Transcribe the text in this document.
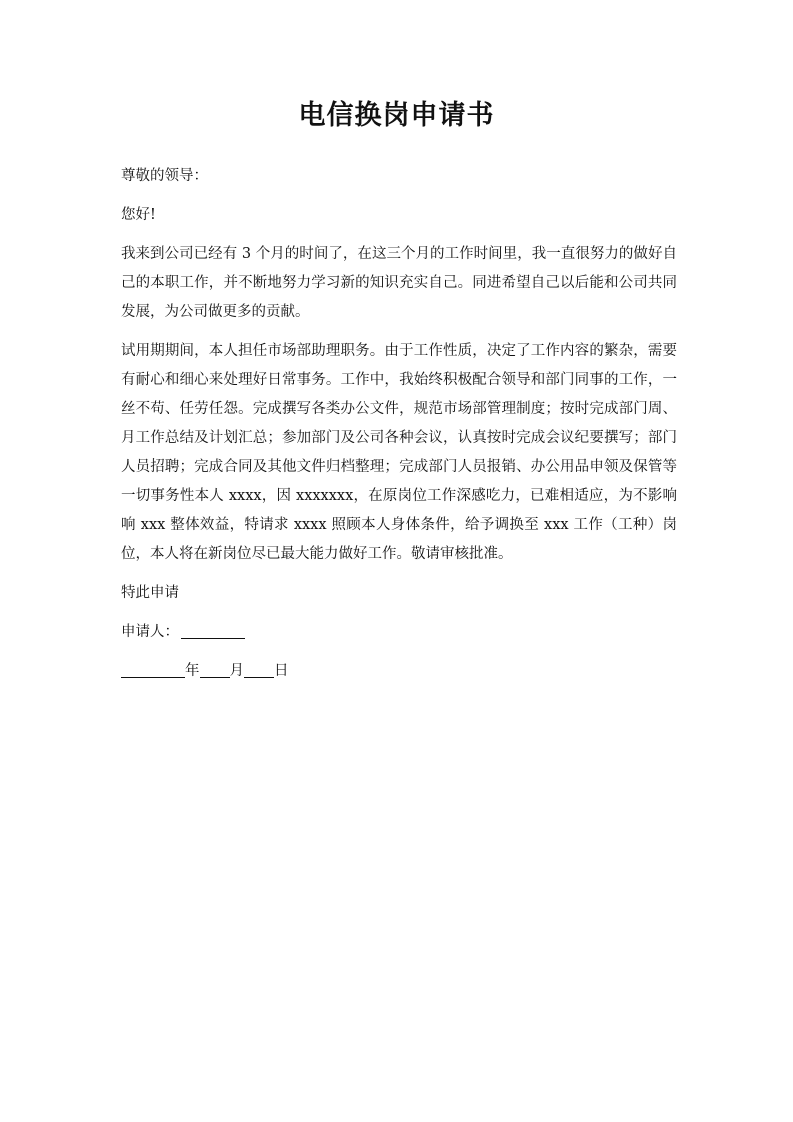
电信换岗申请书

尊敬的领导：

您好!

我来到公司已经有 3 个月的时间了，在这三个月的工作时间里，我一直很努力的做好自己的本职工作，并不断地努力学习新的知识充实自己。同进希望自己以后能和公司共同发展，为公司做更多的贡献。

试用期期间，本人担任市场部助理职务。由于工作性质，决定了工作内容的繁杂，需要有耐心和细心来处理好日常事务。工作中，我始终积极配合领导和部门同事的工作，一丝不苟、任劳任怨。完成撰写各类办公文件，规范市场部管理制度；按时完成部门周、月工作总结及计划汇总；参加部门及公司各种会议，认真按时完成会议纪要撰写；部门人员招聘；完成合同及其他文件归档整理；完成部门人员报销、办公用品申领及保管等一切事务性本人 xxxx，因 xxxxxxx，在原岗位工作深感吃力，已难相适应，为不影响响 xxx 整体效益，特请求 xxxx 照顾本人身体条件，给予调换至 xxx 工作（工种）岗位，本人将在新岗位尽已最大能力做好工作。敬请审核批准。

特此申请

申请人：

年 月 日
